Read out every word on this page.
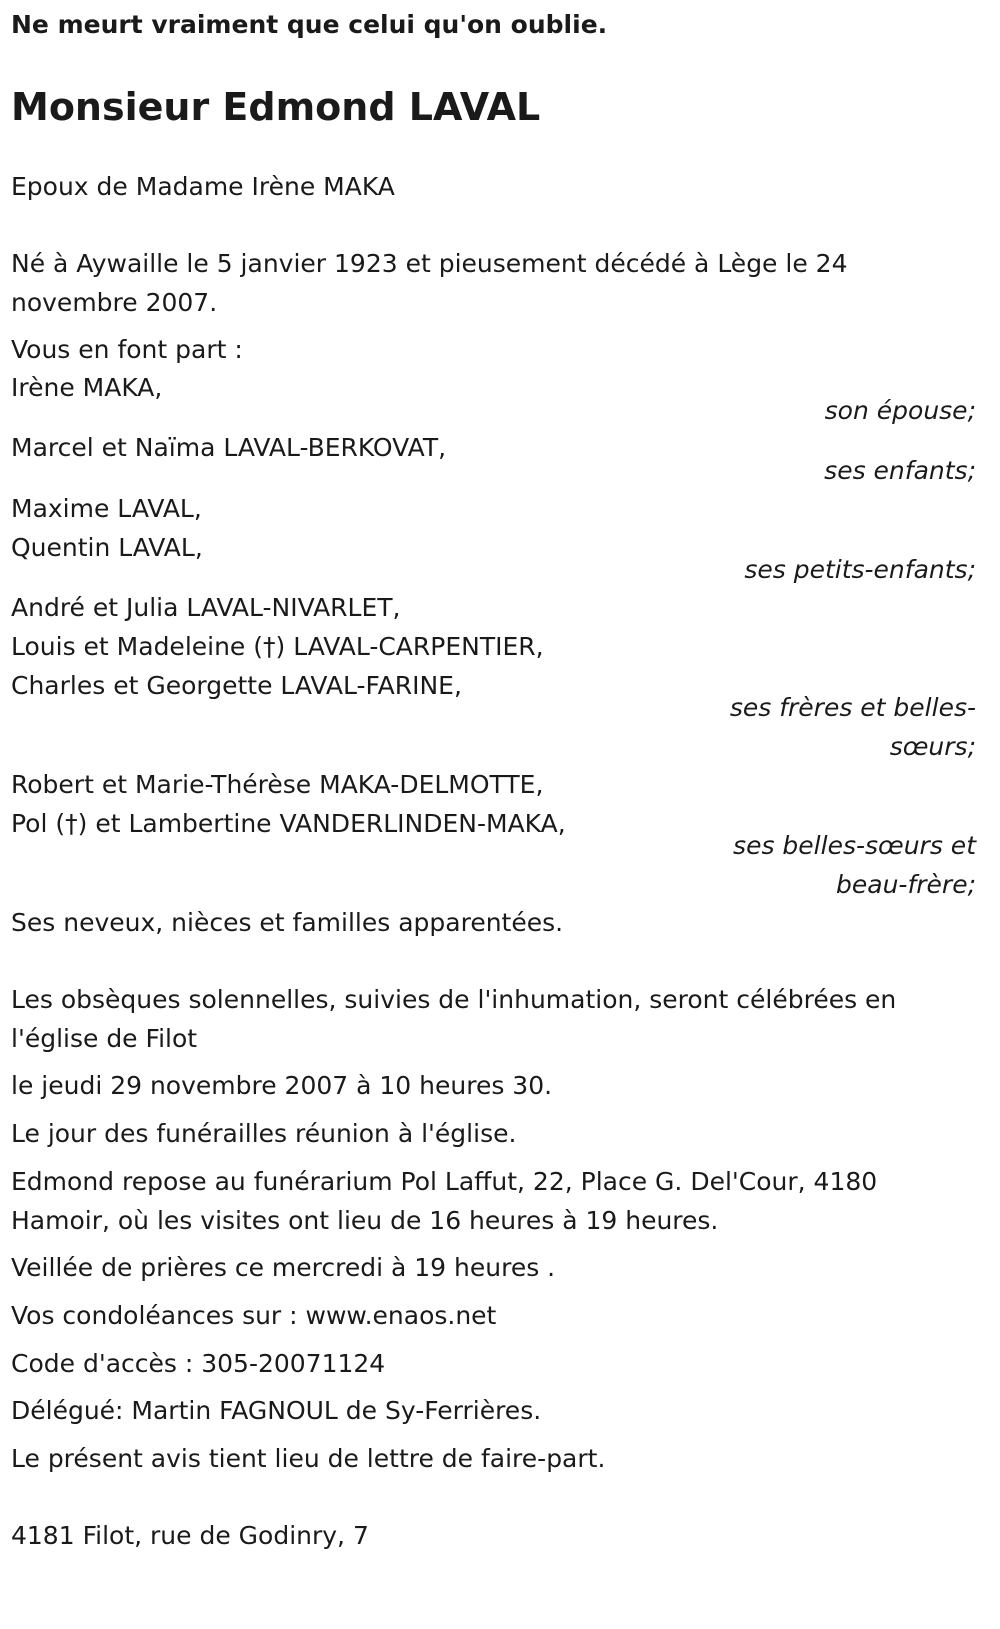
Ne meurt vraiment que celui qu'on oublie.
Monsieur Edmond LAVAL
Epoux de Madame Irène MAKA
Né à Aywaille le 5 janvier 1923 et pieusement décédé à Lège le 24 novembre 2007.
Vous en font part :
Irène MAKA,
son épouse;
Marcel et Naïma LAVAL-BERKOVAT,
ses enfants;
Maxime LAVAL,
Quentin LAVAL,
ses petits-enfants;
André et Julia LAVAL-NIVARLET,
Louis et Madeleine (†) LAVAL-CARPENTIER,
Charles et Georgette LAVAL-FARINE,
ses frères et belles-sœurs;
Robert et Marie-Thérèse MAKA-DELMOTTE,
Pol (†) et Lambertine VANDERLINDEN-MAKA,
ses belles-sœurs et beau-frère;
Ses neveux, nièces et familles apparentées.
Les obsèques solennelles, suivies de l'inhumation, seront célébrées en l'église de Filot
le jeudi 29 novembre 2007 à 10 heures 30.
Le jour des funérailles réunion à l'église.
Edmond repose au funérarium Pol Laffut, 22, Place G. Del'Cour, 4180 Hamoir, où les visites ont lieu de 16 heures à 19 heures.
Veillée de prières ce mercredi à 19 heures .
Vos condoléances sur : www.enaos.net
Code d'accès : 305-20071124
Délégué: Martin FAGNOUL de Sy-Ferrières.
Le présent avis tient lieu de lettre de faire-part.
4181 Filot, rue de Godinry, 7
